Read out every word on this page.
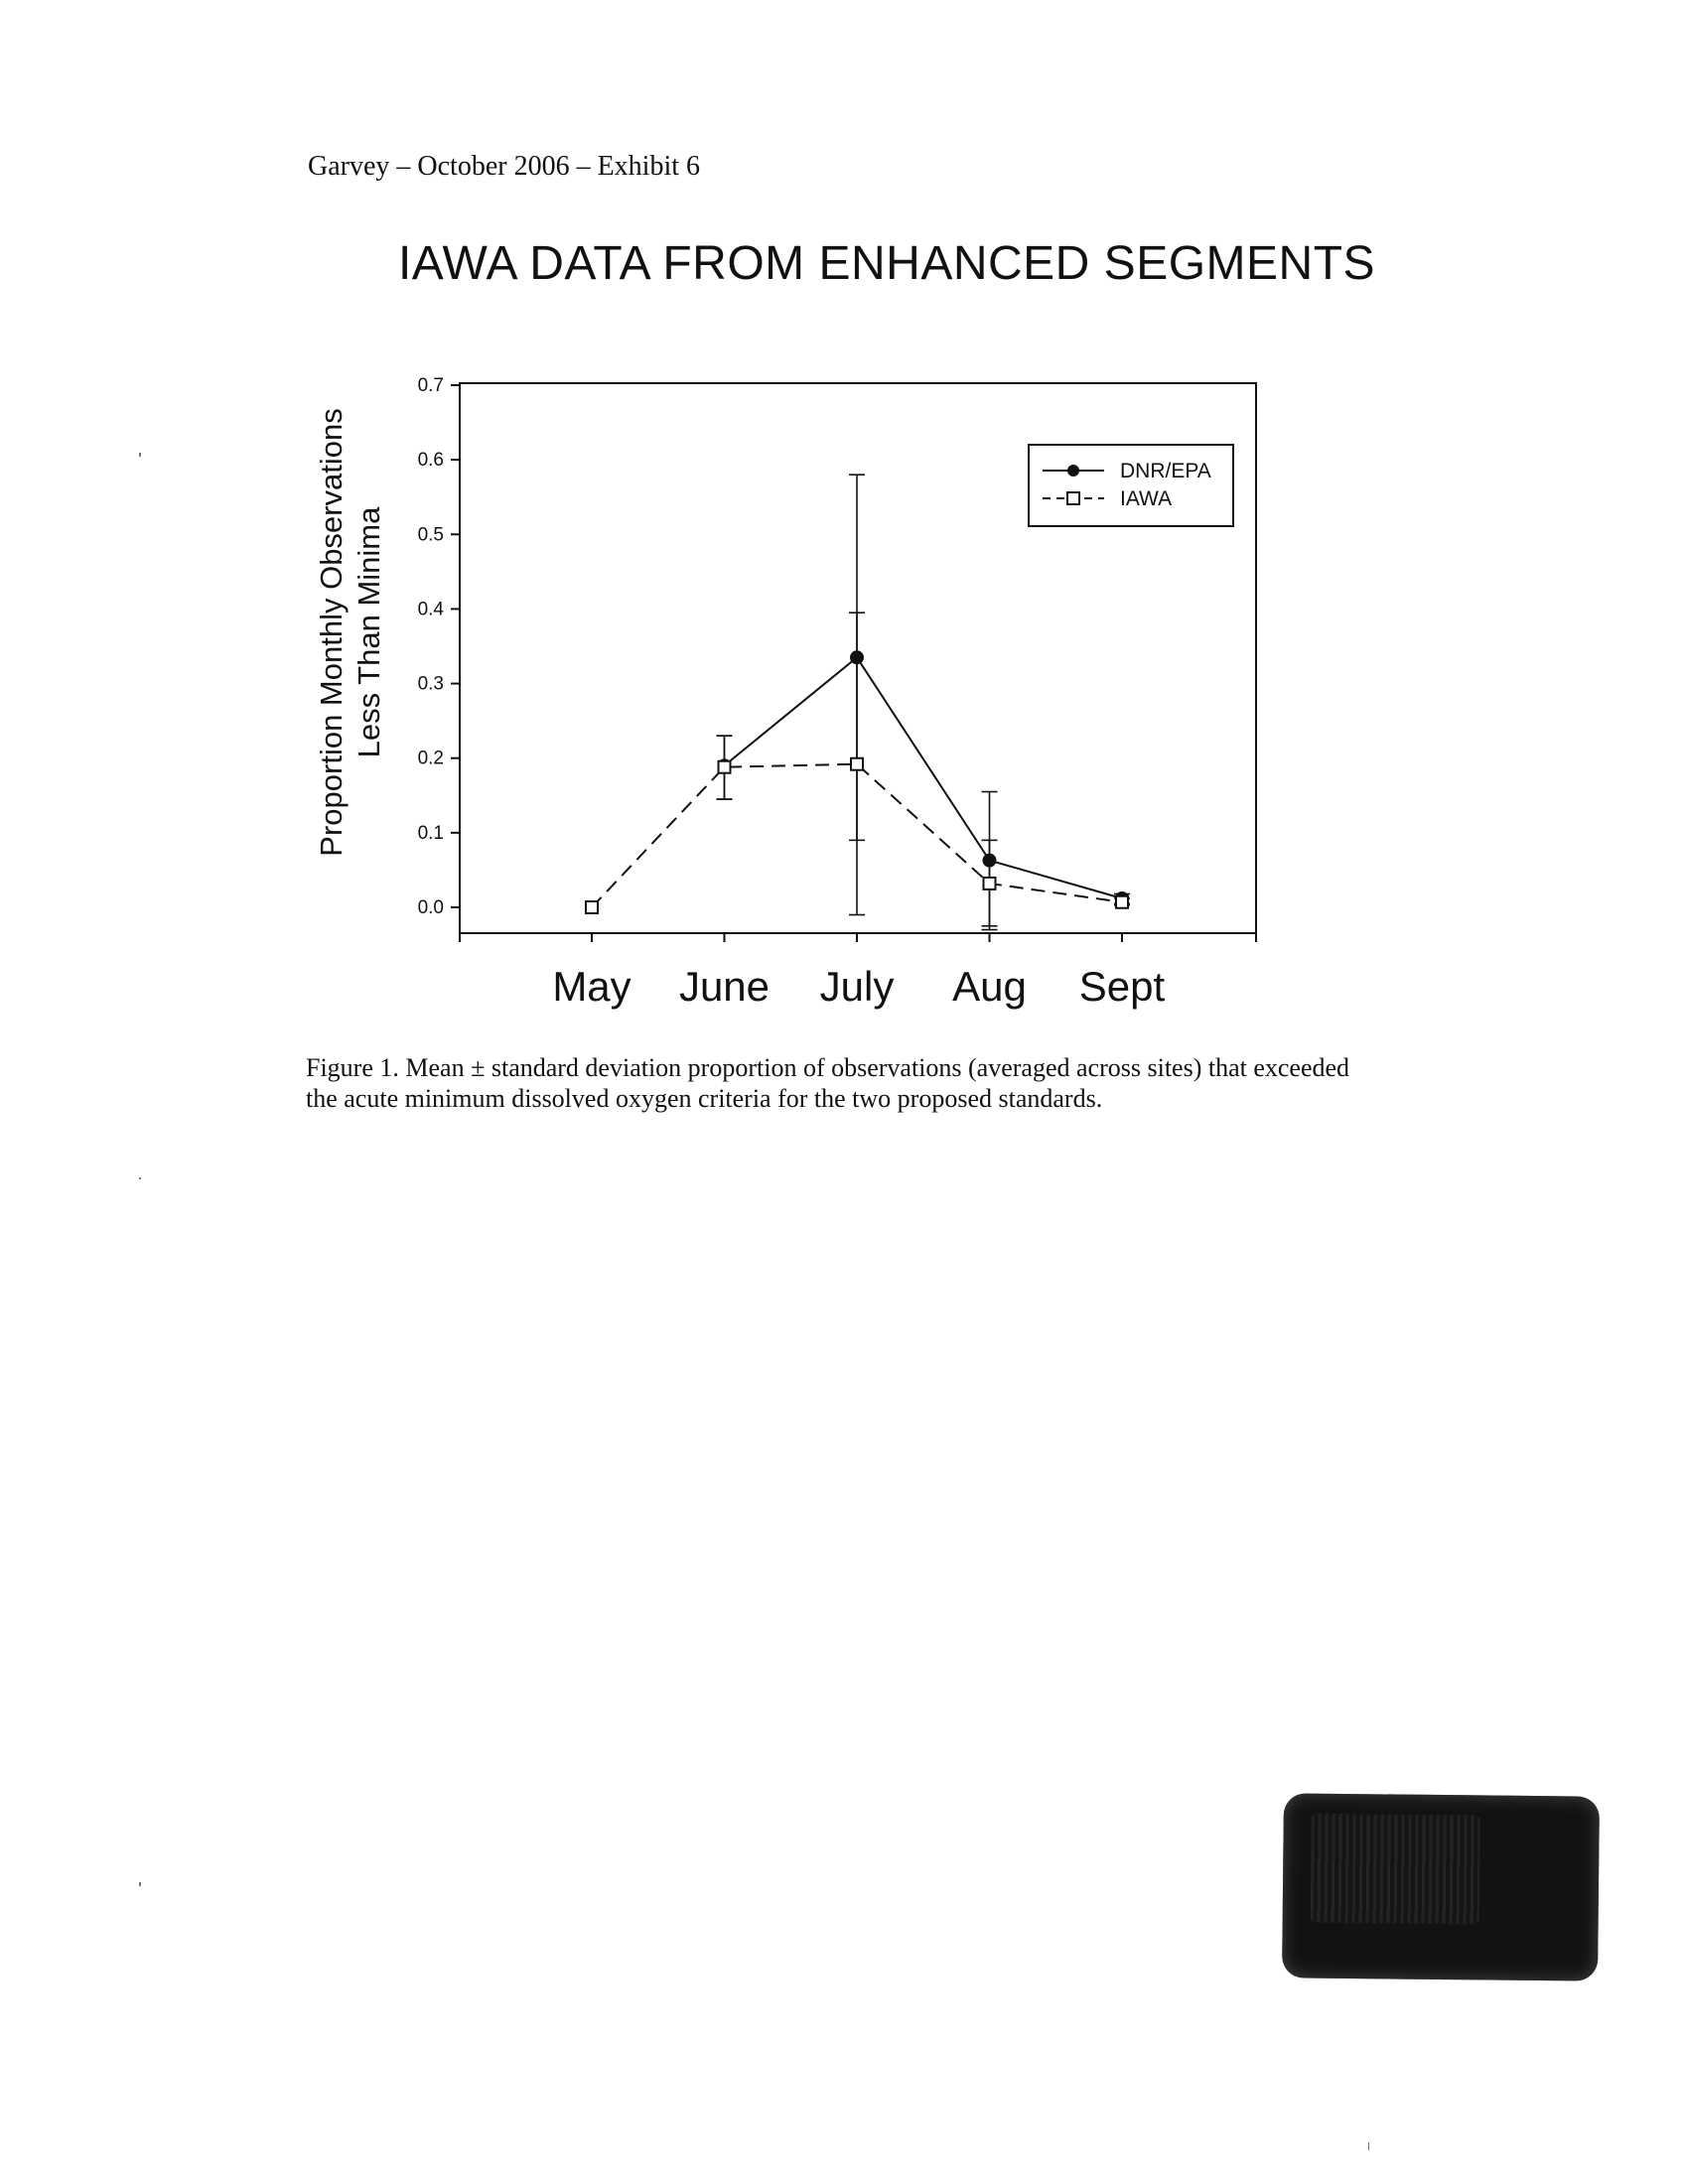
Garvey – October 2006 – Exhibit 6
IAWA DATA FROM ENHANCED SEGMENTS
0.0
0.1
0.2
0.3
0.4
0.5
0.6
0.7
Proportion Monthly Observations Less Than Minima
May June July Aug Sept
DNR/EPA
IAWA
Figure 1. Mean ± standard deviation proportion of observations (averaged across sites) that exceeded the acute minimum dissolved oxygen criteria for the two proposed standards.
